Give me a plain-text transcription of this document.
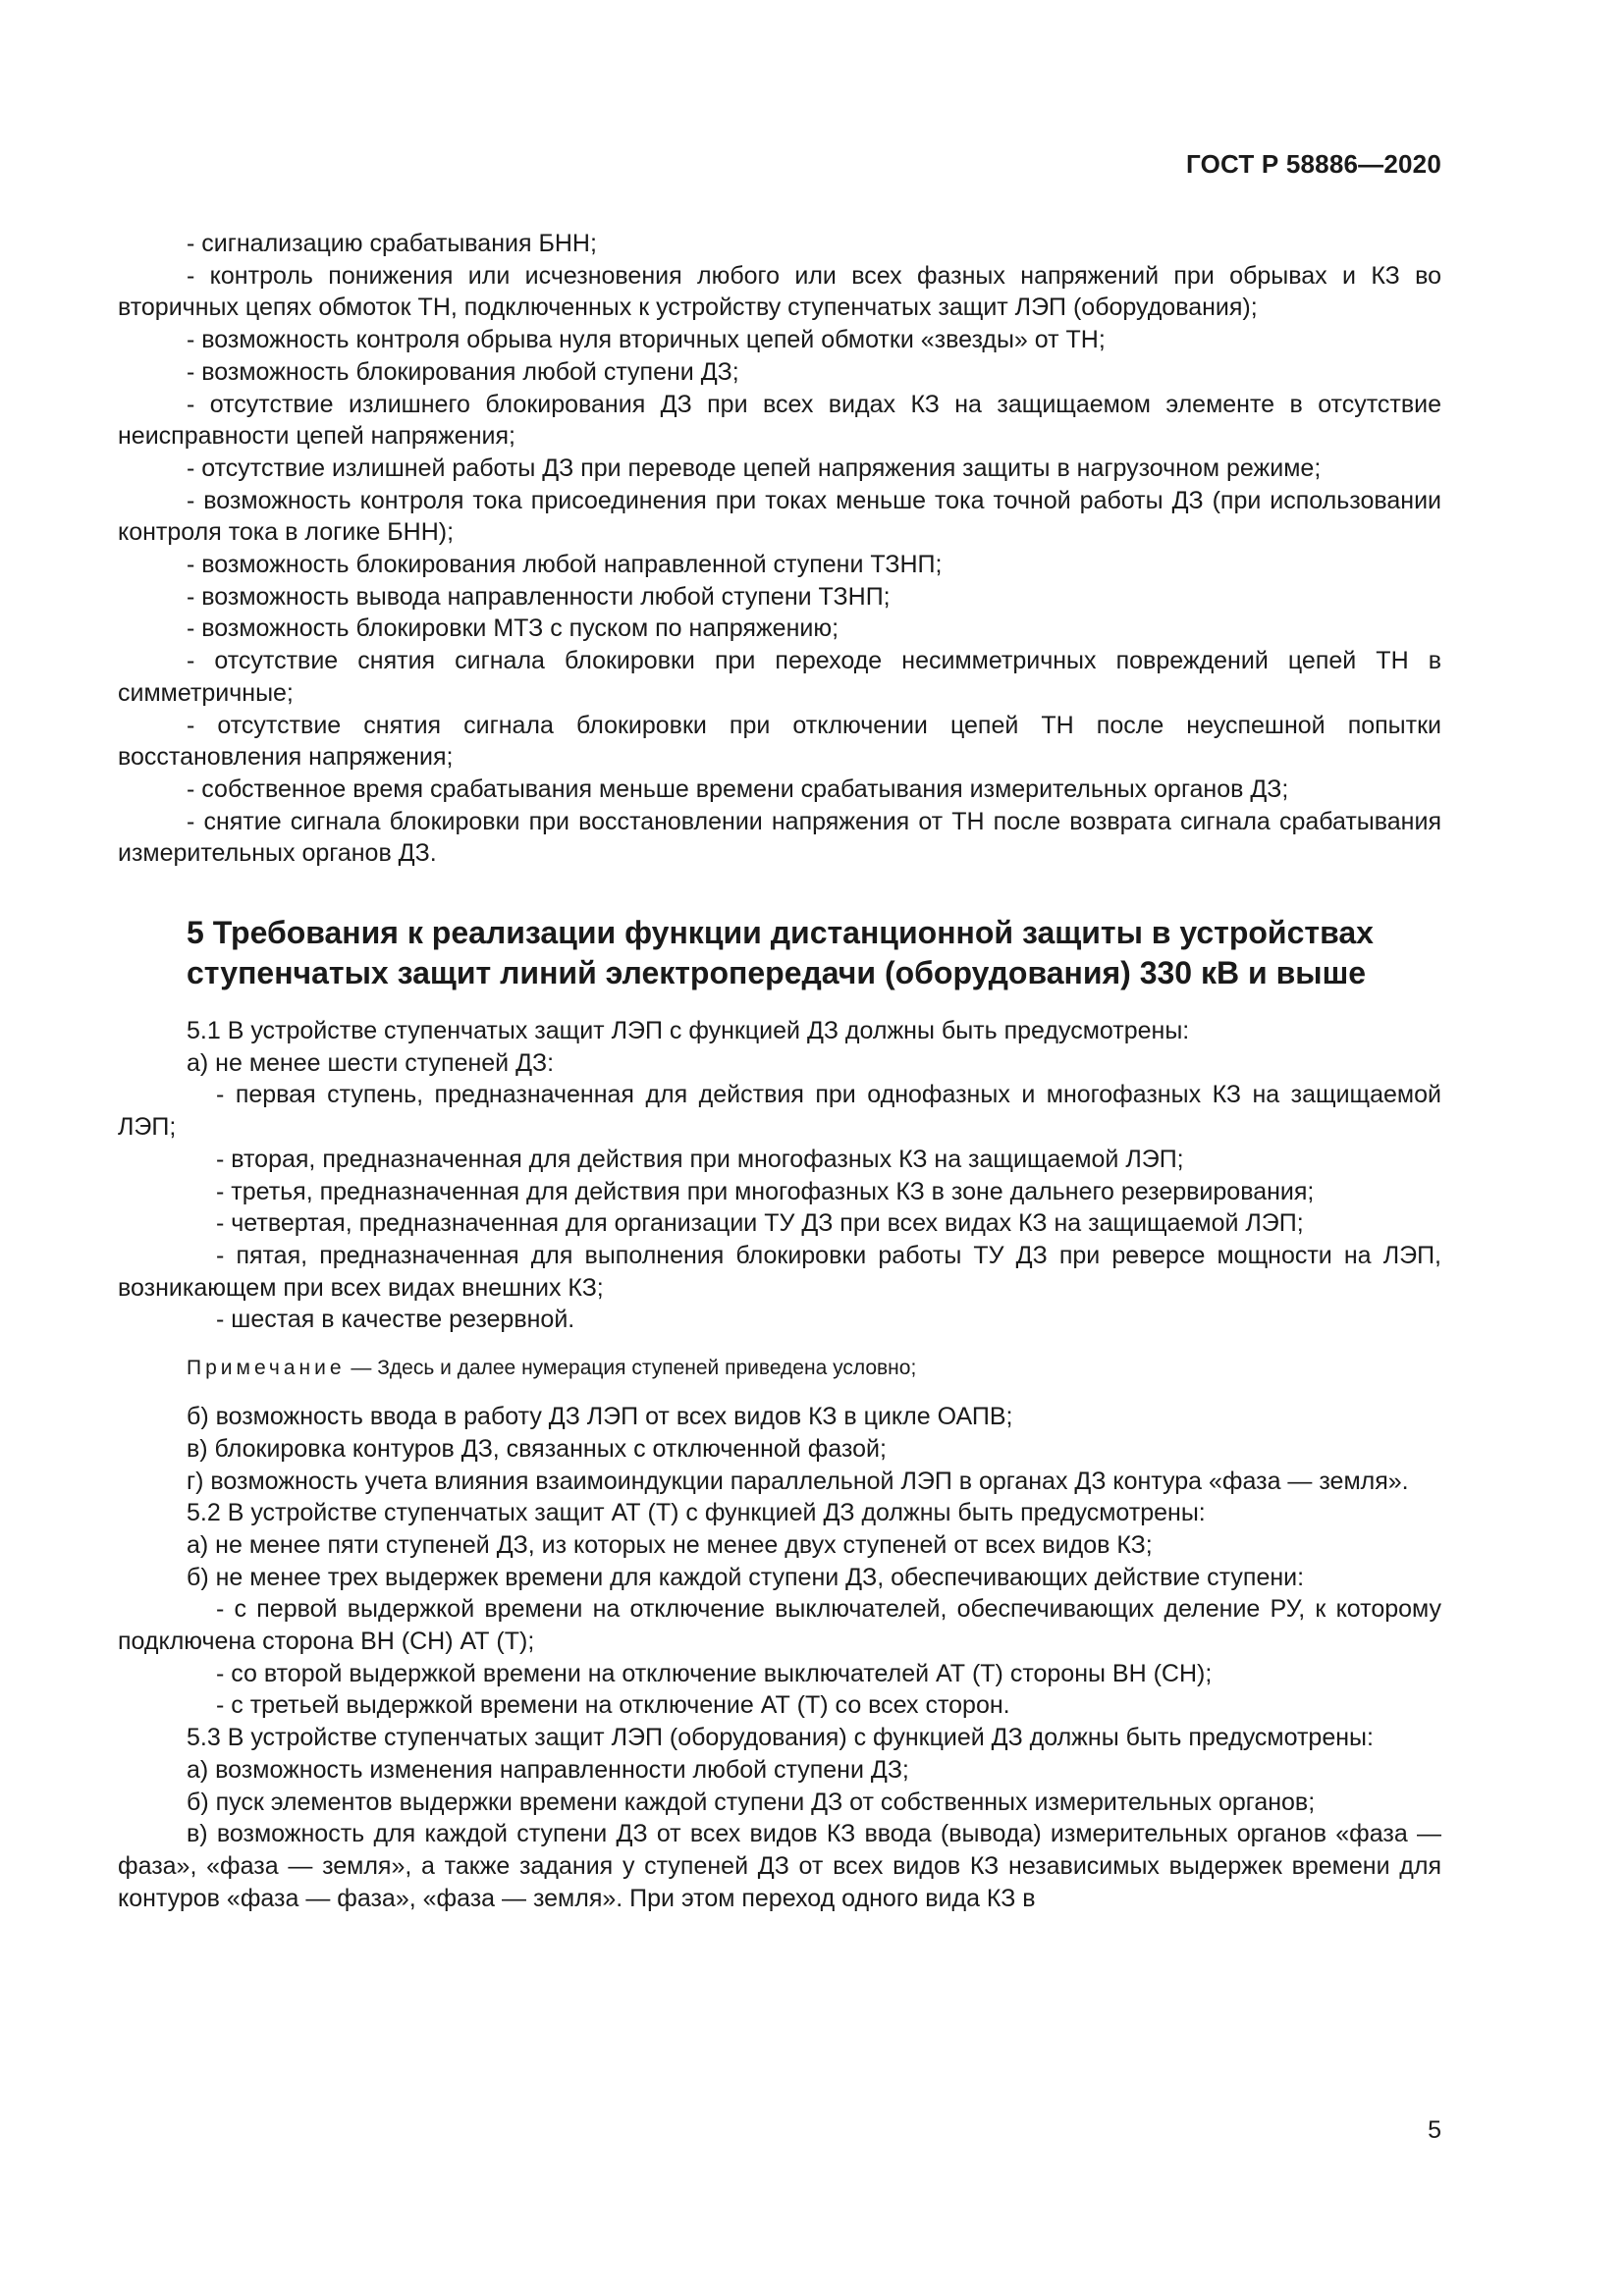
ГОСТ Р 58886—2020

- сигнализацию срабатывания БНН;

- контроль понижения или исчезновения любого или всех фазных напряжений при обрывах и КЗ во вторичных цепях обмоток ТН, подключенных к устройству ступенчатых защит ЛЭП (оборудования);

- возможность контроля обрыва нуля вторичных цепей обмотки «звезды» от ТН;

- возможность блокирования любой ступени ДЗ;

- отсутствие излишнего блокирования ДЗ при всех видах КЗ на защищаемом элементе в отсутствие неисправности цепей напряжения;

- отсутствие излишней работы ДЗ при переводе цепей напряжения защиты в нагрузочном режиме;

- возможность контроля тока присоединения при токах меньше тока точной работы ДЗ (при использовании контроля тока в логике БНН);

- возможность блокирования любой направленной ступени ТЗНП;

- возможность вывода направленности любой ступени ТЗНП;

- возможность блокировки МТЗ с пуском по напряжению;

- отсутствие снятия сигнала блокировки при переходе несимметричных повреждений цепей ТН в симметричные;

- отсутствие снятия сигнала блокировки при отключении цепей ТН после неуспешной попытки восстановления напряжения;

- собственное время срабатывания меньше времени срабатывания измерительных органов ДЗ;

- снятие сигнала блокировки при восстановлении напряжения от ТН после возврата сигнала срабатывания измерительных органов ДЗ.

5 Требования к реализации функции дистанционной защиты в устройствах ступенчатых защит линий электропередачи (оборудования) 330 кВ и выше

5.1 В устройстве ступенчатых защит ЛЭП с функцией ДЗ должны быть предусмотрены:

а) не менее шести ступеней ДЗ:

- первая ступень, предназначенная для действия при однофазных и многофазных КЗ на защищаемой ЛЭП;

- вторая, предназначенная для действия при многофазных КЗ на защищаемой ЛЭП;

- третья, предназначенная для действия при многофазных КЗ в зоне дальнего резервирования;

- четвертая, предназначенная для организации ТУ ДЗ при всех видах КЗ на защищаемой ЛЭП;

- пятая, предназначенная для выполнения блокировки работы ТУ ДЗ при реверсе мощности на ЛЭП, возникающем при всех видах внешних КЗ;

- шестая в качестве резервной.

Примечание — Здесь и далее нумерация ступеней приведена условно;

б) возможность ввода в работу ДЗ ЛЭП от всех видов КЗ в цикле ОАПВ;

в) блокировка контуров ДЗ, связанных с отключенной фазой;

г) возможность учета влияния взаимоиндукции параллельной ЛЭП в органах ДЗ контура «фаза — земля».

5.2 В устройстве ступенчатых защит АТ (Т) с функцией ДЗ должны быть предусмотрены:

а) не менее пяти ступеней ДЗ, из которых не менее двух ступеней от всех видов КЗ;

б) не менее трех выдержек времени для каждой ступени ДЗ, обеспечивающих действие ступени:

- с первой выдержкой времени на отключение выключателей, обеспечивающих деление РУ, к которому подключена сторона ВН (СН) АТ (Т);

- со второй выдержкой времени на отключение выключателей АТ (Т) стороны ВН (СН);

- с третьей выдержкой времени на отключение АТ (Т) со всех сторон.

5.3 В устройстве ступенчатых защит ЛЭП (оборудования) с функцией ДЗ должны быть предусмотрены:

а) возможность изменения направленности любой ступени ДЗ;

б) пуск элементов выдержки времени каждой ступени ДЗ от собственных измерительных органов;

в) возможность для каждой ступени ДЗ от всех видов КЗ ввода (вывода) измерительных органов «фаза — фаза», «фаза — земля», а также задания у ступеней ДЗ от всех видов КЗ независимых выдержек времени для контуров «фаза — фаза», «фаза — земля». При этом переход одного вида КЗ в

5
